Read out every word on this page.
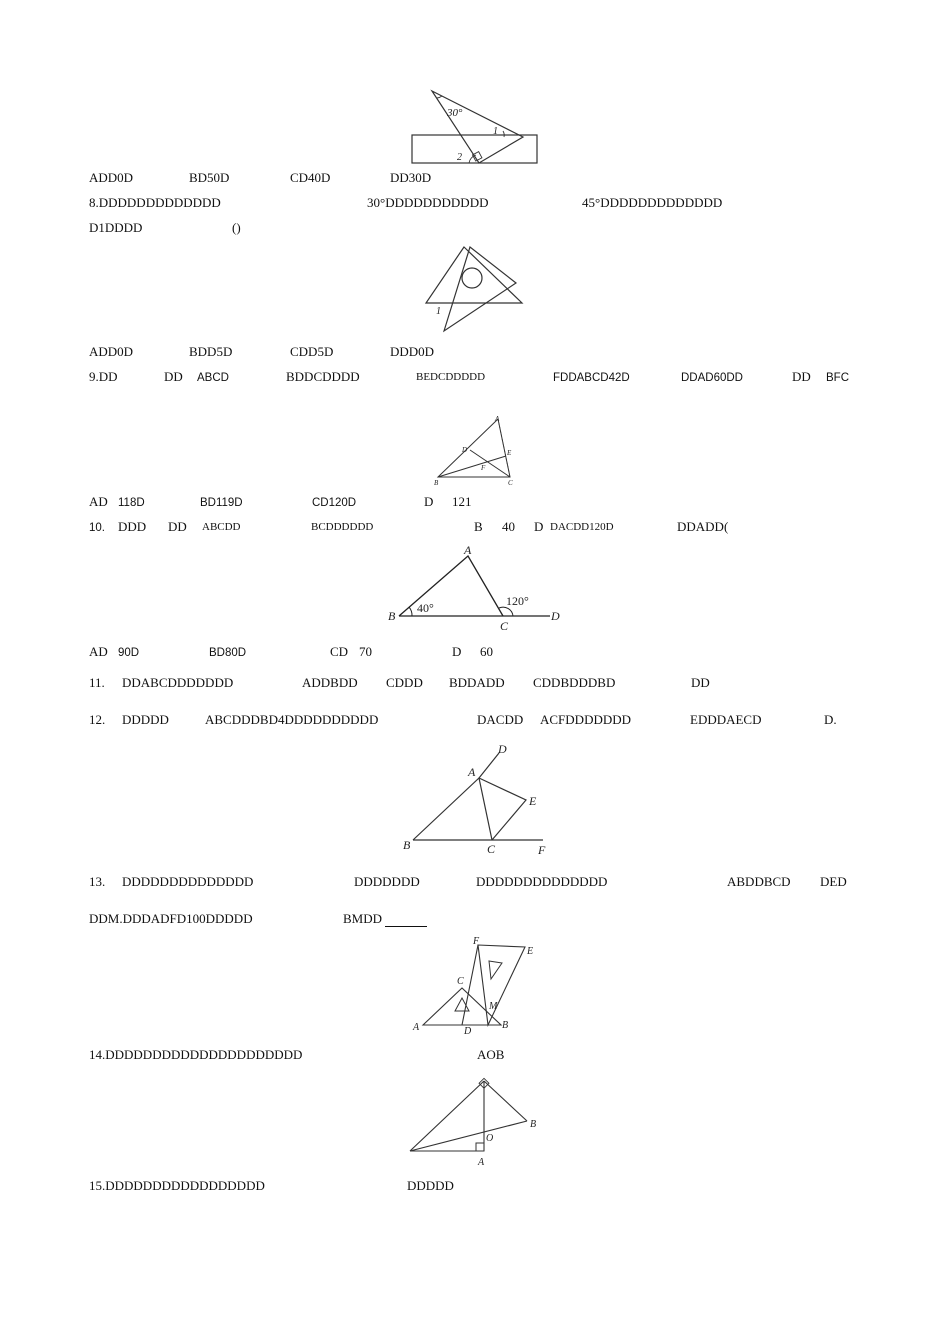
30°
1
2
ADD0D	BD50D	CD40D	DD30D
8.DDDDDDDDDDDDD	30°DDDDDDDDDDD	45°DDDDDDDDDDDDD
D1DDDD	()
1
ADD0D	BDD5D	CDD5D	DDD0D
9.DD	DD ABCD	BDDCDDDD	BEDCDDDDD	FDDABCD42D	DDAD60DD	DD BFC
A
D	E
F
B	C
AD 118D	BD119D	CD120D	D 121
10. DDD DD ABCDD	BCDDDDDD	B 40 D DACDD120D	DDADD(
A
B
C
D
40°	120°
AD 90D	BD80D	CD 70	D 60
11. DDABCDDDDDDD	ADDBDD CDDD BDDADD CDDBDDDBD	DD
12. DDDDD	ABCDDDBD4DDDDDDDDDD	DACDD ACFDDDDDDD	EDDDAECD	D.
D
A
E
B	C	F
13. DDDDDDDDDDDDDD	DDDDDDD	DDDDDDDDDDDDDD	ABDDBCD DED
DDM.DDDADFD100DDDDD	BMDD
F
E
C
M
A	D
B
14.DDDDDDDDDDDDDDDDDDDDD	AOB
B
O
A
15.DDDDDDDDDDDDDDDDD	DDDDD
